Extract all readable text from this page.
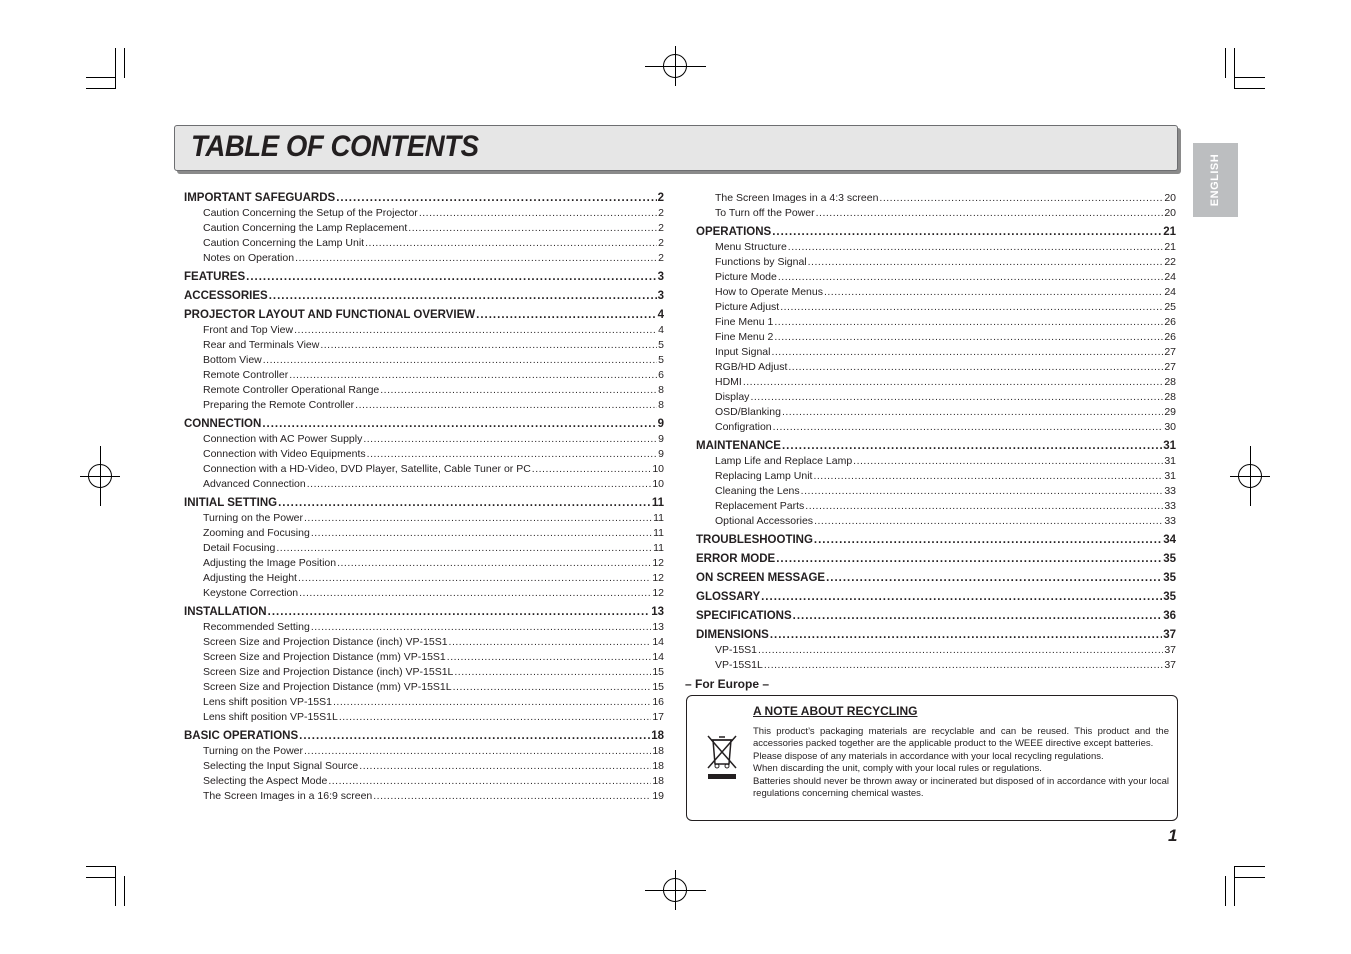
TABLE OF CONTENTS
ENGLISH
– For Europe –
A NOTE ABOUT RECYCLING

This product’s packaging materials are recyclable and can be reused. This product and the accessories packed together are the applicable product to the WEEE directive except batteries.

Please dispose of any materials in accordance with your local recycling regulations.

When discarding the unit, comply with your local rules or regulations.

Batteries should never be thrown away or incinerated but disposed of in accordance with your local regulations concerning chemical wastes.

1
IMPORTANT SAFEGUARDS .....	2
Caution Concerning the Setup of the Projector .....	2
Caution Concerning the Lamp Replacement .....	2
Caution Concerning the Lamp Unit .....	2
Notes on Operation .....	2
FEATURES .....	3
ACCESSORIES .....	3
PROJECTOR LAYOUT AND FUNCTIONAL OVERVIEW .....	4
Front and Top View .....	4
Rear and Terminals View .....	5
Bottom View .....	5
Remote Controller .....	6
Remote Controller Operational Range .....	8
Preparing the Remote Controller .....	8
CONNECTION .....	9
Connection with AC Power Supply .....	9
Connection with Video Equipments .....	9
Connection with a HD-Video, DVD Player, Satellite, Cable Tuner or PC .....	10
Advanced Connection .....	10
INITIAL SETTING .....	11
Turning on the Power .....	11
Zooming and Focusing .....	11
Detail Focusing .....	11
Adjusting the Image Position .....	12
Adjusting the Height .....	12
Keystone Correction .....	12
INSTALLATION .....	13
Recommended Setting .....	13
Screen Size and Projection Distance (inch) VP-15S1 .....	14
Screen Size and Projection Distance (mm) VP-15S1 .....	14
Screen Size and Projection Distance (inch) VP-15S1L .....	15
Screen Size and Projection Distance (mm) VP-15S1L .....	15
Lens shift position VP-15S1 .....	16
Lens shift position VP-15S1L .....	17
BASIC OPERATIONS .....	18
Turning on the Power .....	18
Selecting the Input Signal Source .....	18
Selecting the Aspect Mode .....	18
The Screen Images in a 16:9 screen .....	19
The Screen Images in a 4:3 screen .....	20
To Turn off the Power .....	20
OPERATIONS .....	21
Menu Structure .....	21
Functions by Signal .....	22
Picture Mode .....	24
How to Operate Menus .....	24
Picture Adjust .....	25
Fine Menu 1 .....	26
Fine Menu 2 .....	26
Input Signal .....	27
RGB/HD Adjust .....	27
HDMI .....	28
Display .....	28
OSD/Blanking .....	29
Configration .....	30
MAINTENANCE .....	31
Lamp Life and Replace Lamp .....	31
Replacing Lamp Unit .....	31
Cleaning the Lens .....	33
Replacement Parts .....	33
Optional Accessories .....	33
TROUBLESHOOTING .....	34
ERROR MODE .....	35
ON SCREEN MESSAGE .....	35
GLOSSARY .....	35
SPECIFICATIONS .....	36
DIMENSIONS .....	37
VP-15S1 .....	37
VP-15S1L .....	37
